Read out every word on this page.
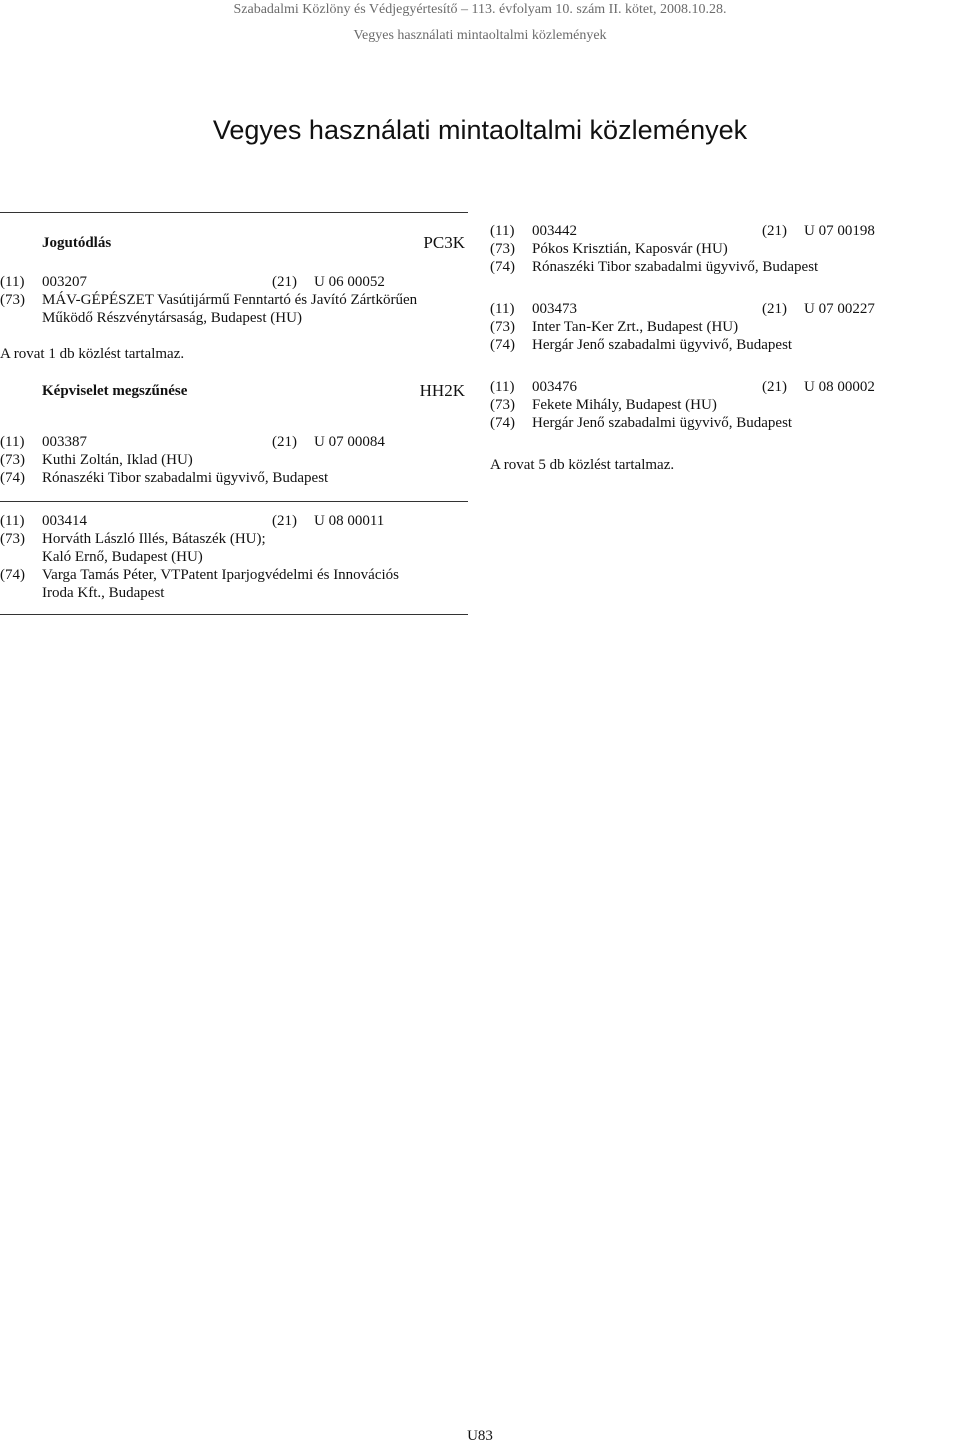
Szabadalmi Közlöny és Védjegyértesítő – 113. évfolyam 10. szám II. kötet, 2008.10.28.
Vegyes használati mintaoltalmi közlemények
Vegyes használati mintaoltalmi közlemények
Jogutódlás	PC3K
(11)	003207	(21)	U 06 00052
(73)	MÁV-GÉPÉSZET Vasútijármű Fenntartó és Javító Zártkörűen
Működő Részvénytársaság, Budapest (HU)
A rovat 1 db közlést tartalmaz.
Képviselet megszűnése	HH2K
(11)	003387	(21)	U 07 00084
(73)	Kuthi Zoltán, Iklad (HU)
(74)	Rónaszéki Tibor szabadalmi ügyvivő, Budapest
(11)	003414	(21)	U 08 00011
(73)	Horváth László Illés, Bátaszék (HU);
Kaló Ernő, Budapest (HU)
(74)	Varga Tamás Péter, VTPatent Iparjogvédelmi és Innovációs
Iroda Kft., Budapest
(11)	003442	(21)	U 07 00198
(73)	Pókos Krisztián, Kaposvár (HU)
(74)	Rónaszéki Tibor szabadalmi ügyvivő, Budapest
(11)	003473	(21)	U 07 00227
(73)	Inter Tan-Ker Zrt., Budapest (HU)
(74)	Hergár Jenő szabadalmi ügyvivő, Budapest
(11)	003476	(21)	U 08 00002
(73)	Fekete Mihály, Budapest (HU)
(74)	Hergár Jenő szabadalmi ügyvivő, Budapest
A rovat 5 db közlést tartalmaz.
U83
